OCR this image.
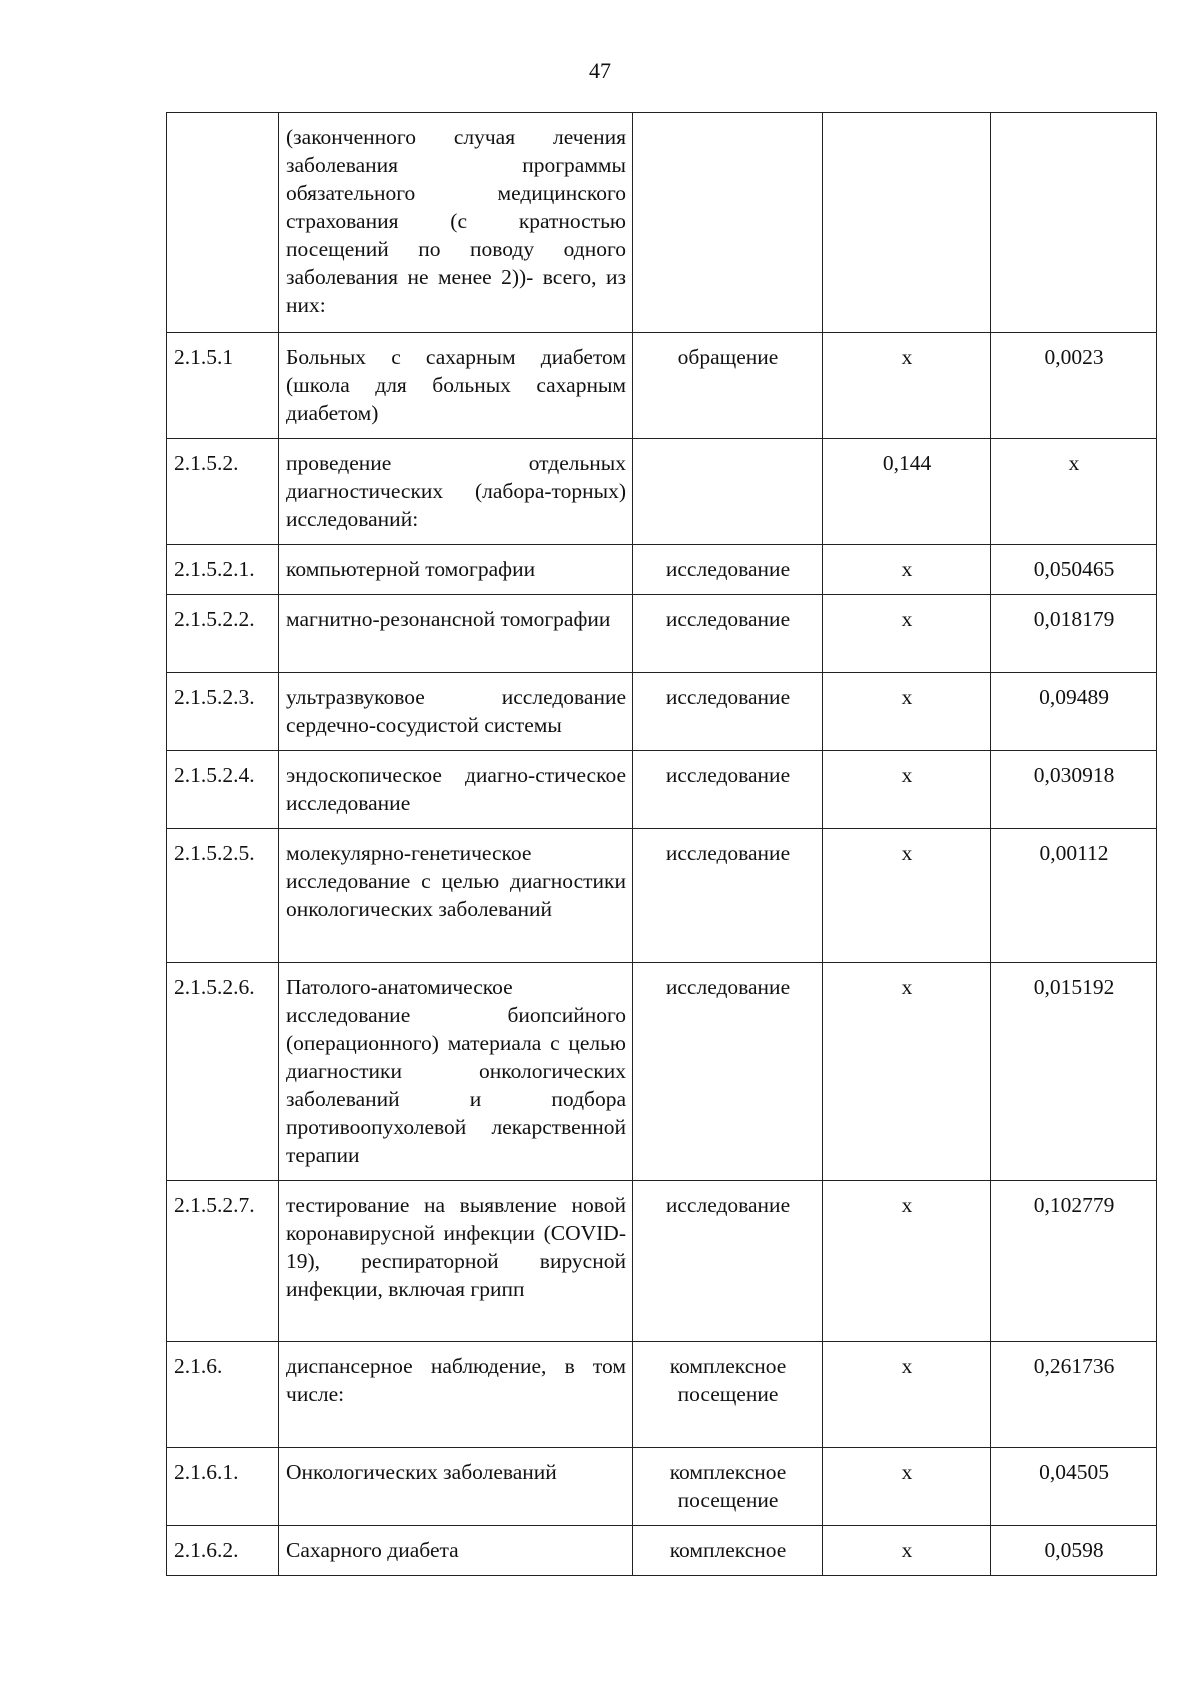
47
	(законченного случая лечения заболевания программы обязательного медицинского страхования (с кратностью посещений по поводу одного заболевания не менее 2))- всего, из них:			
2.1.5.1	Больных с сахарным диабетом (школа для больных сахарным диабетом)	обращение	х	0,0023
2.1.5.2.	проведение отдельных диагностических (лабора-торных) исследований:		0,144	х
2.1.5.2.1.	компьютерной томографии	исследование	х	0,050465
2.1.5.2.2.	магнитно-резонансной томографии	исследование	х	0,018179
2.1.5.2.3.	ультразвуковое исследование сердечно-сосудистой системы	исследование	х	0,09489
2.1.5.2.4.	эндоскопическое диагно-стическое исследование	исследование	х	0,030918
2.1.5.2.5.	молекулярно-генетическое исследование с целью диагностики онкологических заболеваний	исследование	х	0,00112
2.1.5.2.6.	Патолого-анатомическое исследование биопсийного (операционного) материала с целью диагностики онкологических заболеваний и подбора противоопухолевой лекарственной терапии	исследование	х	0,015192
2.1.5.2.7.	тестирование на выявление новой коронавирусной инфекции (COVID-19), респираторной вирусной инфекции, включая грипп	исследование	х	0,102779
2.1.6.	диспансерное наблюдение, в том числе:	комплексное посещение	х	0,261736
2.1.6.1.	Онкологических заболеваний	комплексное посещение	х	0,04505
2.1.6.2.	Сахарного диабета	комплексное	х	0,0598
